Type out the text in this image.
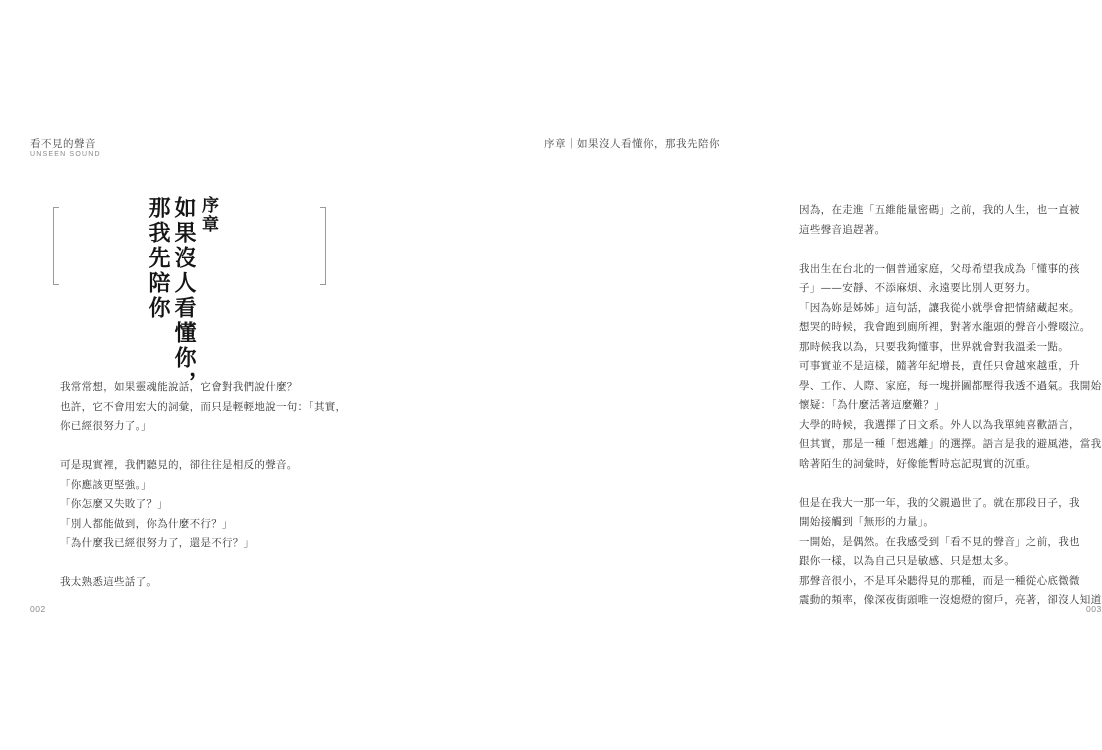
看不見的聲音
UNSEEN SOUND
序章
如果沒人看懂你，
那我先陪你

我常常想，如果靈魂能說話，它會對我們說什麼？

也許，它不會用宏大的詞彙，而只是輕輕地說一句：「其實，

你已經很努力了。」

可是現實裡，我們聽見的，卻往往是相反的聲音。

「你應該更堅強。」

「你怎麼又失敗了？」

「別人都能做到，你為什麼不行？」

「為什麼我已經很努力了，還是不行？」

我太熟悉這些話了。

002
序章｜如果沒人看懂你，那我先陪你

因為，在走進「五維能量密碼」之前，我的人生，也一直被

這些聲音追趕著。

我出生在台北的一個普通家庭，父母希望我成為「懂事的孩

子」——安靜、不添麻煩、永遠要比別人更努力。

「因為妳是姊姊」這句話，讓我從小就學會把情緒藏起來。

想哭的時候，我會跑到廁所裡，對著水龍頭的聲音小聲啜泣。

那時候我以為，只要我夠懂事，世界就會對我溫柔一點。

可事實並不是這樣，隨著年紀增長，責任只會越來越重，升

學、工作、人際、家庭，每一塊拼圖都壓得我透不過氣。我開始

懷疑：「為什麼活著這麼難？」

大學的時候，我選擇了日文系。外人以為我單純喜歡語言，

但其實，那是一種「想逃離」的選擇。語言是我的避風港，當我

啥著陌生的詞彙時，好像能暫時忘記現實的沉重。

但是在我大一那一年，我的父親過世了。就在那段日子，我

開始接觸到「無形的力量」。

一開始，是偶然。在我感受到「看不見的聲音」之前，我也

跟你一樣，以為自己只是敏感、只是想太多。

那聲音很小，不是耳朵聽得見的那種，而是一種從心底微微

震動的頻率，像深夜街頭唯一沒熄燈的窗戶，亮著，卻沒人知道

003
